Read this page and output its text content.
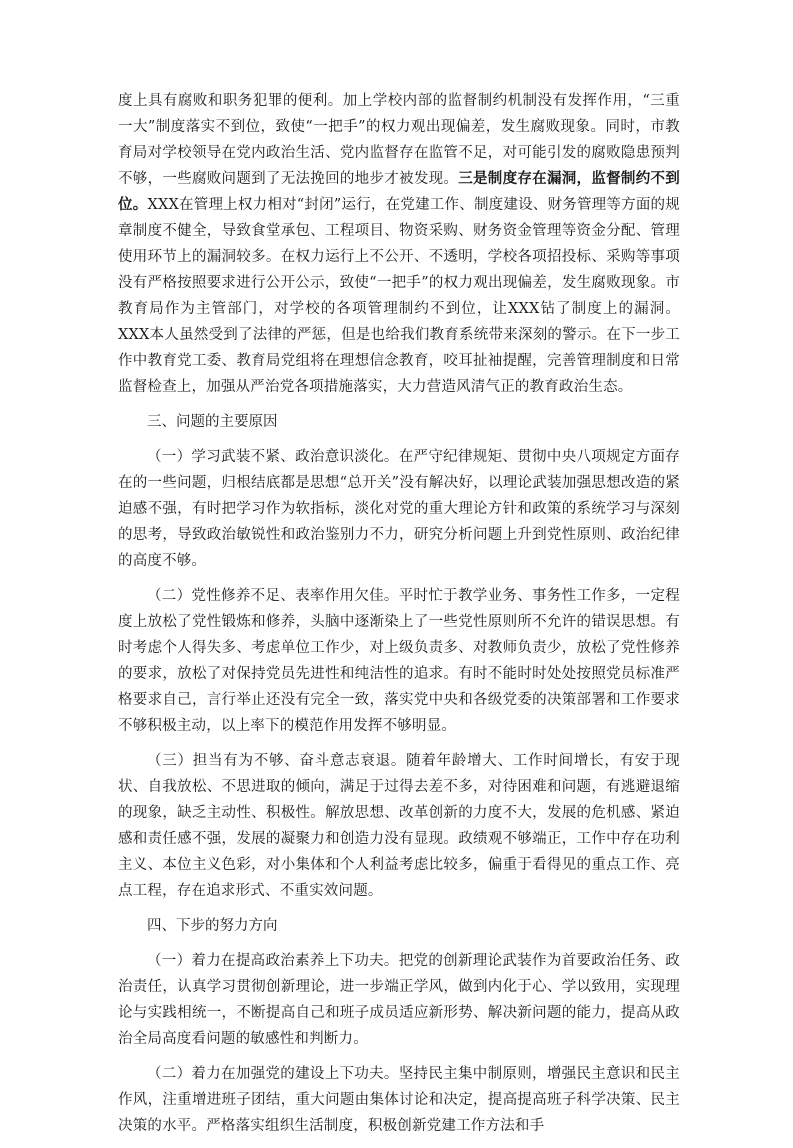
度上具有腐败和职务犯罪的便利。加上学校内部的监督制约机制没有发挥作用，“三重一大”制度落实不到位，致使“一把手”的权力观出现偏差，发生腐败现象。同时，市教育局对学校领导在党内政治生活、党内监督存在监管不足，对可能引发的腐败隐患预判不够，一些腐败问题到了无法挽回的地步才被发现。三是制度存在漏洞，监督制约不到位。XXX在管理上权力相对“封闭”运行，在党建工作、制度建设、财务管理等方面的规章制度不健全，导致食堂承包、工程项目、物资采购、财务资金管理等资金分配、管理使用环节上的漏洞较多。在权力运行上不公开、不透明，学校各项招投标、采购等事项没有严格按照要求进行公开公示，致使“一把手”的权力观出现偏差，发生腐败现象。市教育局作为主管部门，对学校的各项管理制约不到位，让XXX钻了制度上的漏洞。XXX本人虽然受到了法律的严惩，但是也给我们教育系统带来深刻的警示。在下一步工作中教育党工委、教育局党组将在理想信念教育，咬耳扯袖提醒，完善管理制度和日常监督检查上，加强从严治党各项措施落实，大力营造风清气正的教育政治生态。

三、问题的主要原因

（一）学习武装不紧、政治意识淡化。在严守纪律规矩、贯彻中央八项规定方面存在的一些问题，归根结底都是思想“总开关”没有解决好，以理论武装加强思想改造的紧迫感不强，有时把学习作为软指标，淡化对党的重大理论方针和政策的系统学习与深刻的思考，导致政治敏锐性和政治鉴别力不力，研究分析问题上升到党性原则、政治纪律的高度不够。

（二）党性修养不足、表率作用欠佳。平时忙于教学业务、事务性工作多，一定程度上放松了党性锻炼和修养，头脑中逐渐染上了一些党性原则所不允许的错误思想。有时考虑个人得失多、考虑单位工作少，对上级负责多、对教师负责少，放松了党性修养的要求，放松了对保持党员先进性和纯洁性的追求。有时不能时时处处按照党员标准严格要求自己，言行举止还没有完全一致，落实党中央和各级党委的决策部署和工作要求不够积极主动，以上率下的模范作用发挥不够明显。

（三）担当有为不够、奋斗意志衰退。随着年龄增大、工作时间增长，有安于现状、自我放松、不思进取的倾向，满足于过得去差不多，对待困难和问题，有逃避退缩的现象，缺乏主动性、积极性。解放思想、改革创新的力度不大，发展的危机感、紧迫感和责任感不强，发展的凝聚力和创造力没有显现。政绩观不够端正，工作中存在功利主义、本位主义色彩，对小集体和个人利益考虑比较多，偏重于看得见的重点工作、亮点工程，存在追求形式、不重实效问题。

四、下步的努力方向

（一）着力在提高政治素养上下功夫。把党的创新理论武装作为首要政治任务、政治责任，认真学习贯彻创新理论，进一步端正学风，做到内化于心、学以致用，实现理论与实践相统一，不断提高自己和班子成员适应新形势、解决新问题的能力，提高从政治全局高度看问题的敏感性和判断力。

（二）着力在加强党的建设上下功夫。坚持民主集中制原则，增强民主意识和民主作风，注重增进班子团结，重大问题由集体讨论和决定，提高提高班子科学决策、民主决策的水平。严格落实组织生活制度，积极创新党建工作方法和手
